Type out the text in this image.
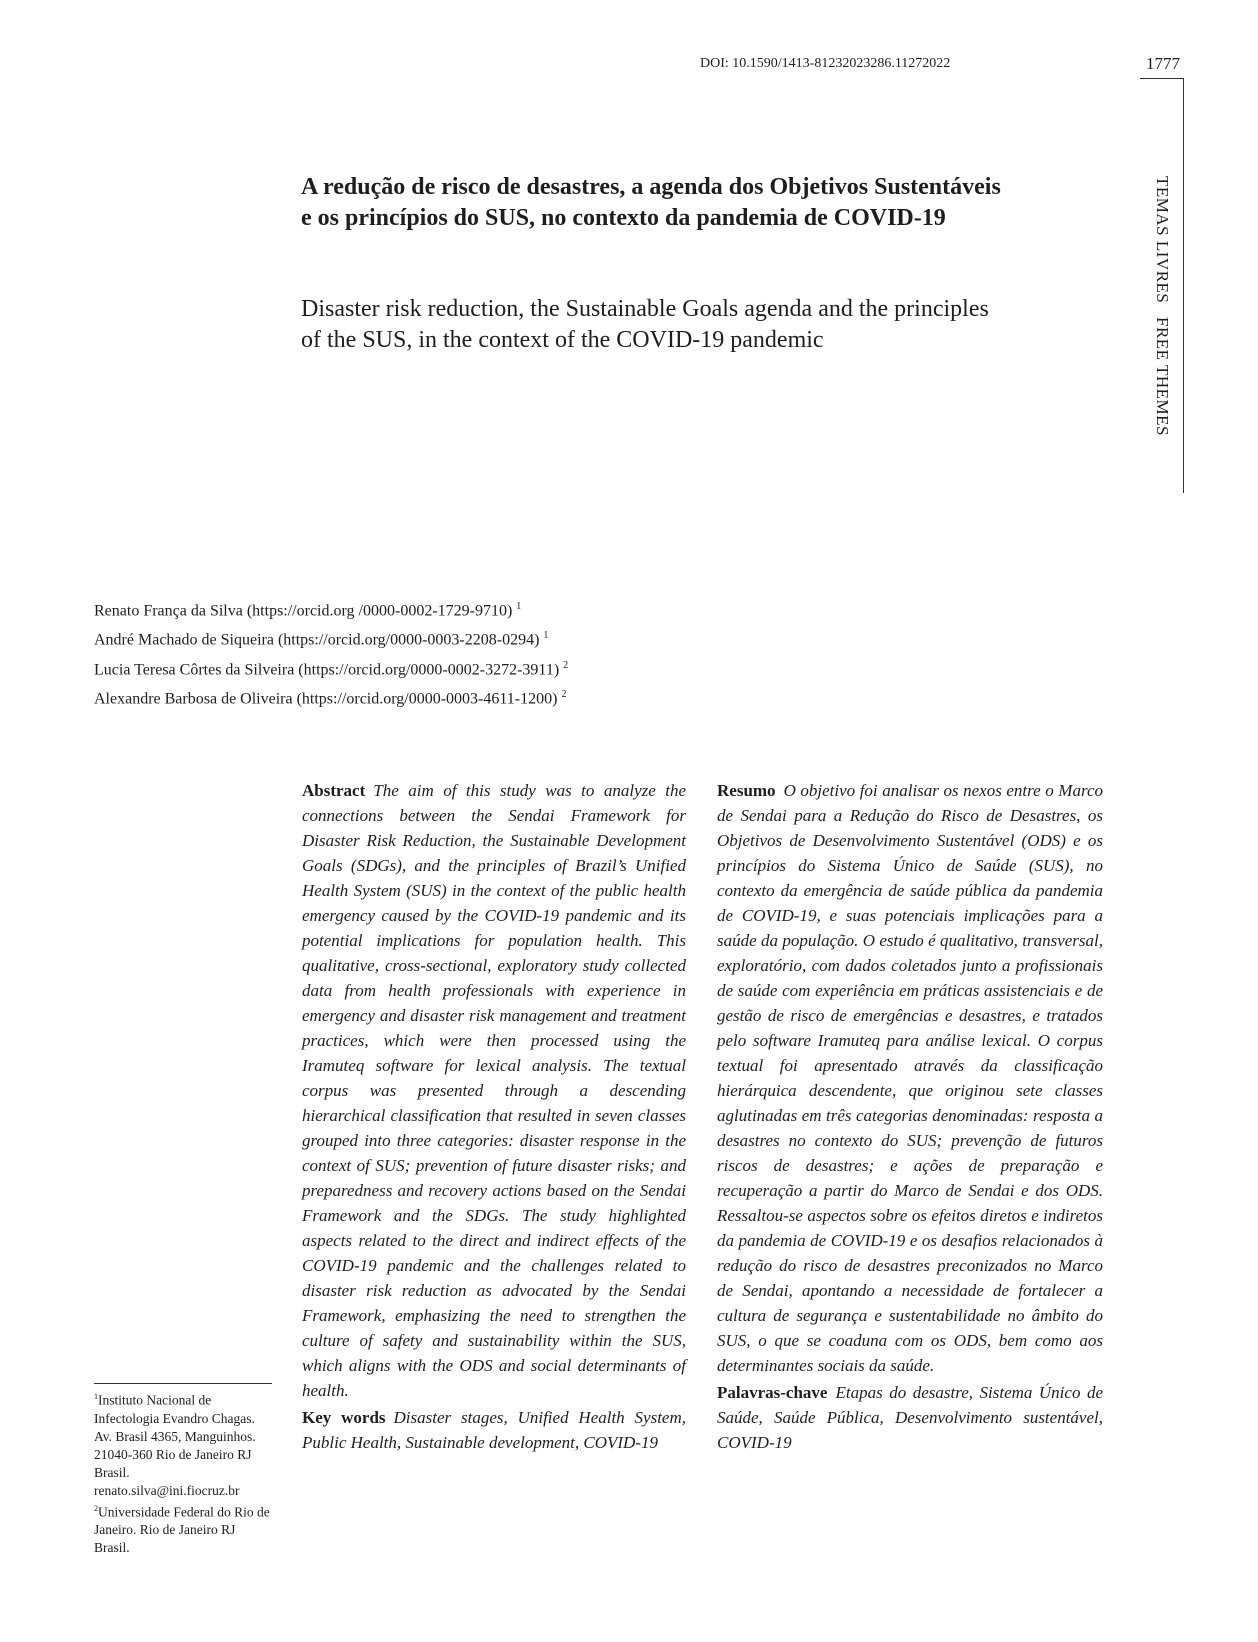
DOI: 10.1590/1413-81232023286.11272022	1777
TEMAS LIVRESFREE THEMES
A redução de risco de desastres, a agenda dos Objetivos Sustentáveis e os princípios do SUS, no contexto da pandemia de COVID-19
Disaster risk reduction, the Sustainable Goals agenda and the principles of the SUS, in the context of the COVID-19 pandemic
Renato França da Silva (https://orcid.org /0000-0002-1729-9710) $^1$
André Machado de Siqueira (https://orcid.org/0000-0003-2208-0294) $^1$
Lucia Teresa Côrtes da Silveira (https://orcid.org/0000-0002-3272-3911) $^2$
Alexandre Barbosa de Oliveira (https://orcid.org/0000-0003-4611-1200) $^2$

Abstract The aim of this study was to analyze the connections between the Sendai Framework for Disaster Risk Reduction, the Sustainable Development Goals (SDGs), and the principles of Brazil’s Unified Health System (SUS) in the context of the public health emergency caused by the COVID-19 pandemic and its potential implications for population health. This qualitative, cross-sectional, exploratory study collected data from health professionals with experience in emergency and disaster risk management and treatment practices, which were then processed using the Iramuteq software for lexical analysis. The textual corpus was presented through a descending hierarchical classification that resulted in seven classes grouped into three categories: disaster response in the context of SUS; prevention of future disaster risks; and preparedness and recovery actions based on the Sendai Framework and the SDGs. The study highlighted aspects related to the direct and indirect effects of the COVID-19 pandemic and the challenges related to disaster risk reduction as advocated by the Sendai Framework, emphasizing the need to strengthen the culture of safety and sustainability within the SUS, which aligns with the ODS and social determinants of health.

Key words Disaster stages, Unified Health System, Public Health, Sustainable development, COVID-19

Resumo O objetivo foi analisar os nexos entre o Marco de Sendai para a Redução do Risco de Desastres, os Objetivos de Desenvolvimento Sustentável (ODS) e os princípios do Sistema Único de Saúde (SUS), no contexto da emergência de saúde pública da pandemia de COVID-19, e suas potenciais implicações para a saúde da população. O estudo é qualitativo, transversal, exploratório, com dados coletados junto a profissionais de saúde com experiência em práticas assistenciais e de gestão de risco de emergências e desastres, e tratados pelo software Iramuteq para análise lexical. O corpus textual foi apresentado através da classificação hierárquica descendente, que originou sete classes aglutinadas em três categorias denominadas: resposta a desastres no contexto do SUS; prevenção de futuros riscos de desastres; e ações de preparação e recuperação a partir do Marco de Sendai e dos ODS. Ressaltou-se aspectos sobre os efeitos diretos e indiretos da pandemia de COVID-19 e os desafios relacionados à redução do risco de desastres preconizados no Marco de Sendai, apontando a necessidade de fortalecer a cultura de segurança e sustentabilidade no âmbito do SUS, o que se coaduna com os ODS, bem como aos determinantes sociais da saúde.

Palavras-chave Etapas do desastre, Sistema Único de Saúde, Saúde Pública, Desenvolvimento sustentável, COVID-19

$^1$Instituto Nacional de Infectologia Evandro Chagas. Av. Brasil 4365, Manguinhos. 21040-360 Rio de Janeiro RJ Brasil. renato.silva@ini.fiocruz.br
$^2$Universidade Federal do Rio de Janeiro. Rio de Janeiro RJ Brasil.
